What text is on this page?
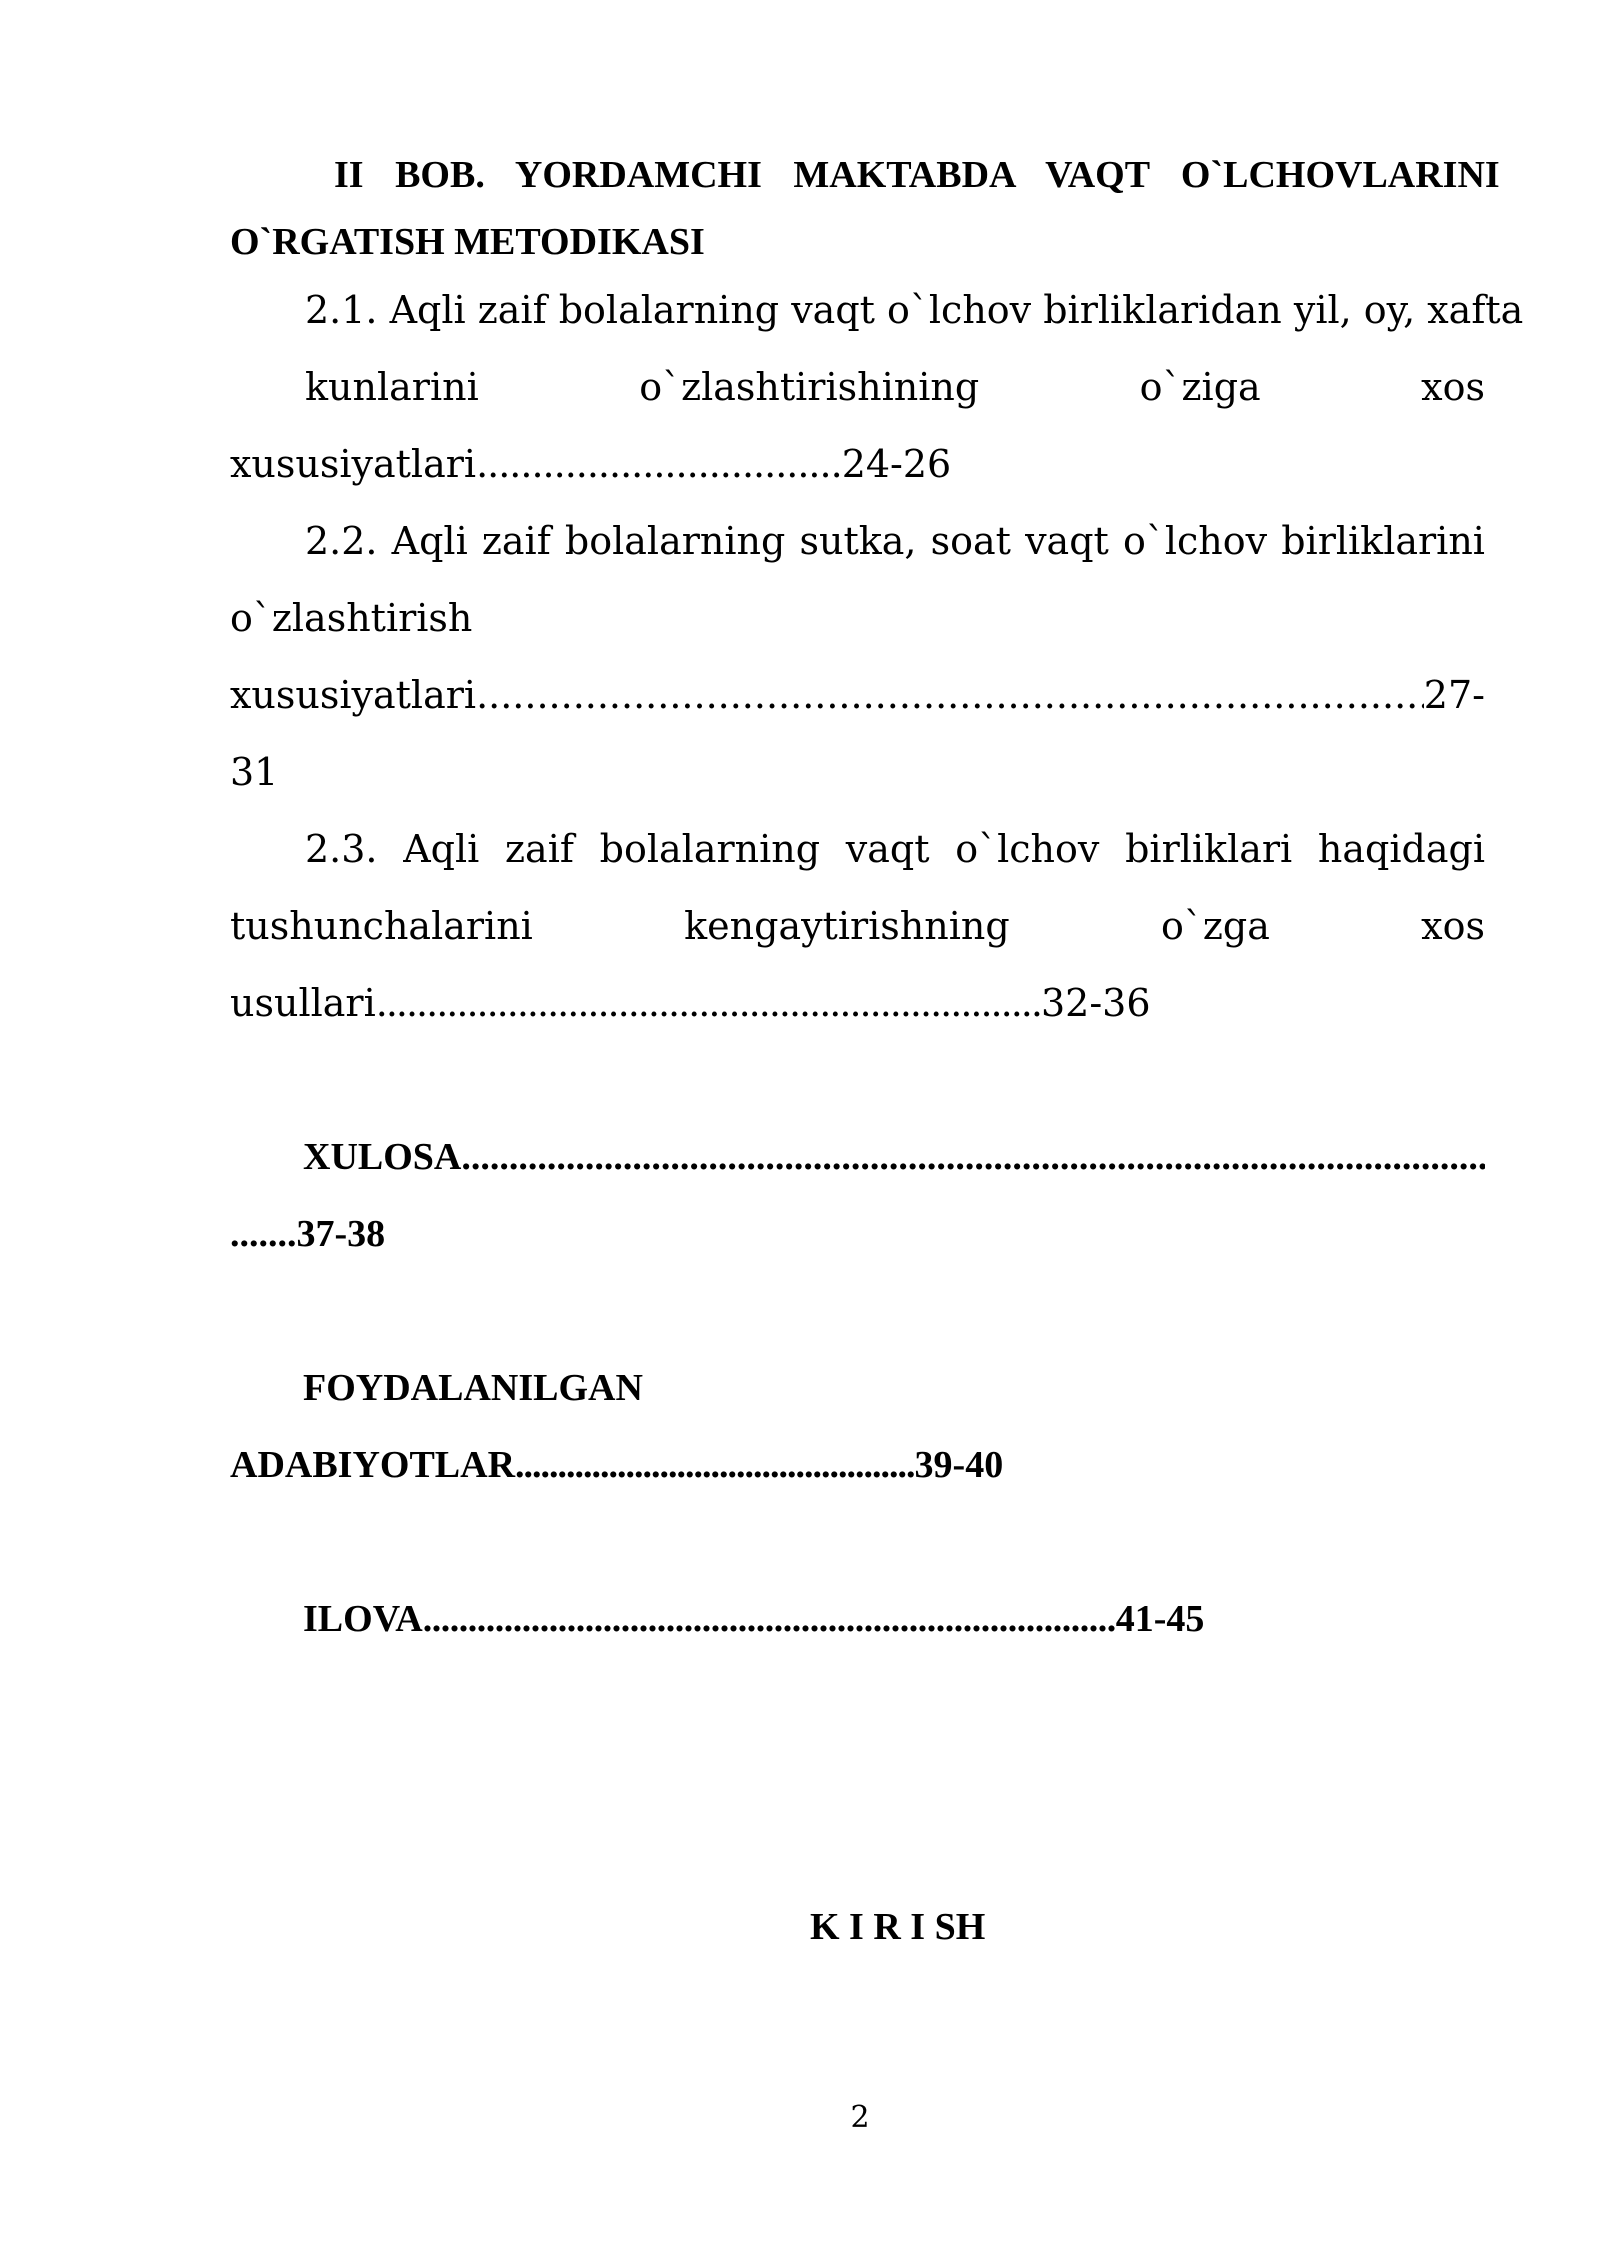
II BOB. YORDAMCHI MAKTABDA VAQT O`LCHOVLARINI
O`RGATISH METODIKASI
2.1. Aqli zaif bolalarning vaqt o`lchov birliklaridan yil, oy, xafta
kunlarini	o`zlashtirishining	o`ziga	xos
xususiyatlari.................................24-26
2.2. Aqli zaif bolalarning sutka, soat vaqt o`lchov birliklarini
o`zlashtirish
xususiyatlari
.....	27-
31
2.3. Aqli zaif bolalarning vaqt o`lchov birliklari haqidagi
tushunchalarini	kengaytirishning	o`zga	xos
usullari..................................................................32-36
XULOSA
.....
.......37-38
FOYDALANILGAN
ADABIYOTLAR...............................................39-40
ILOVA.............................................................................41-45
K I R I SH
2
